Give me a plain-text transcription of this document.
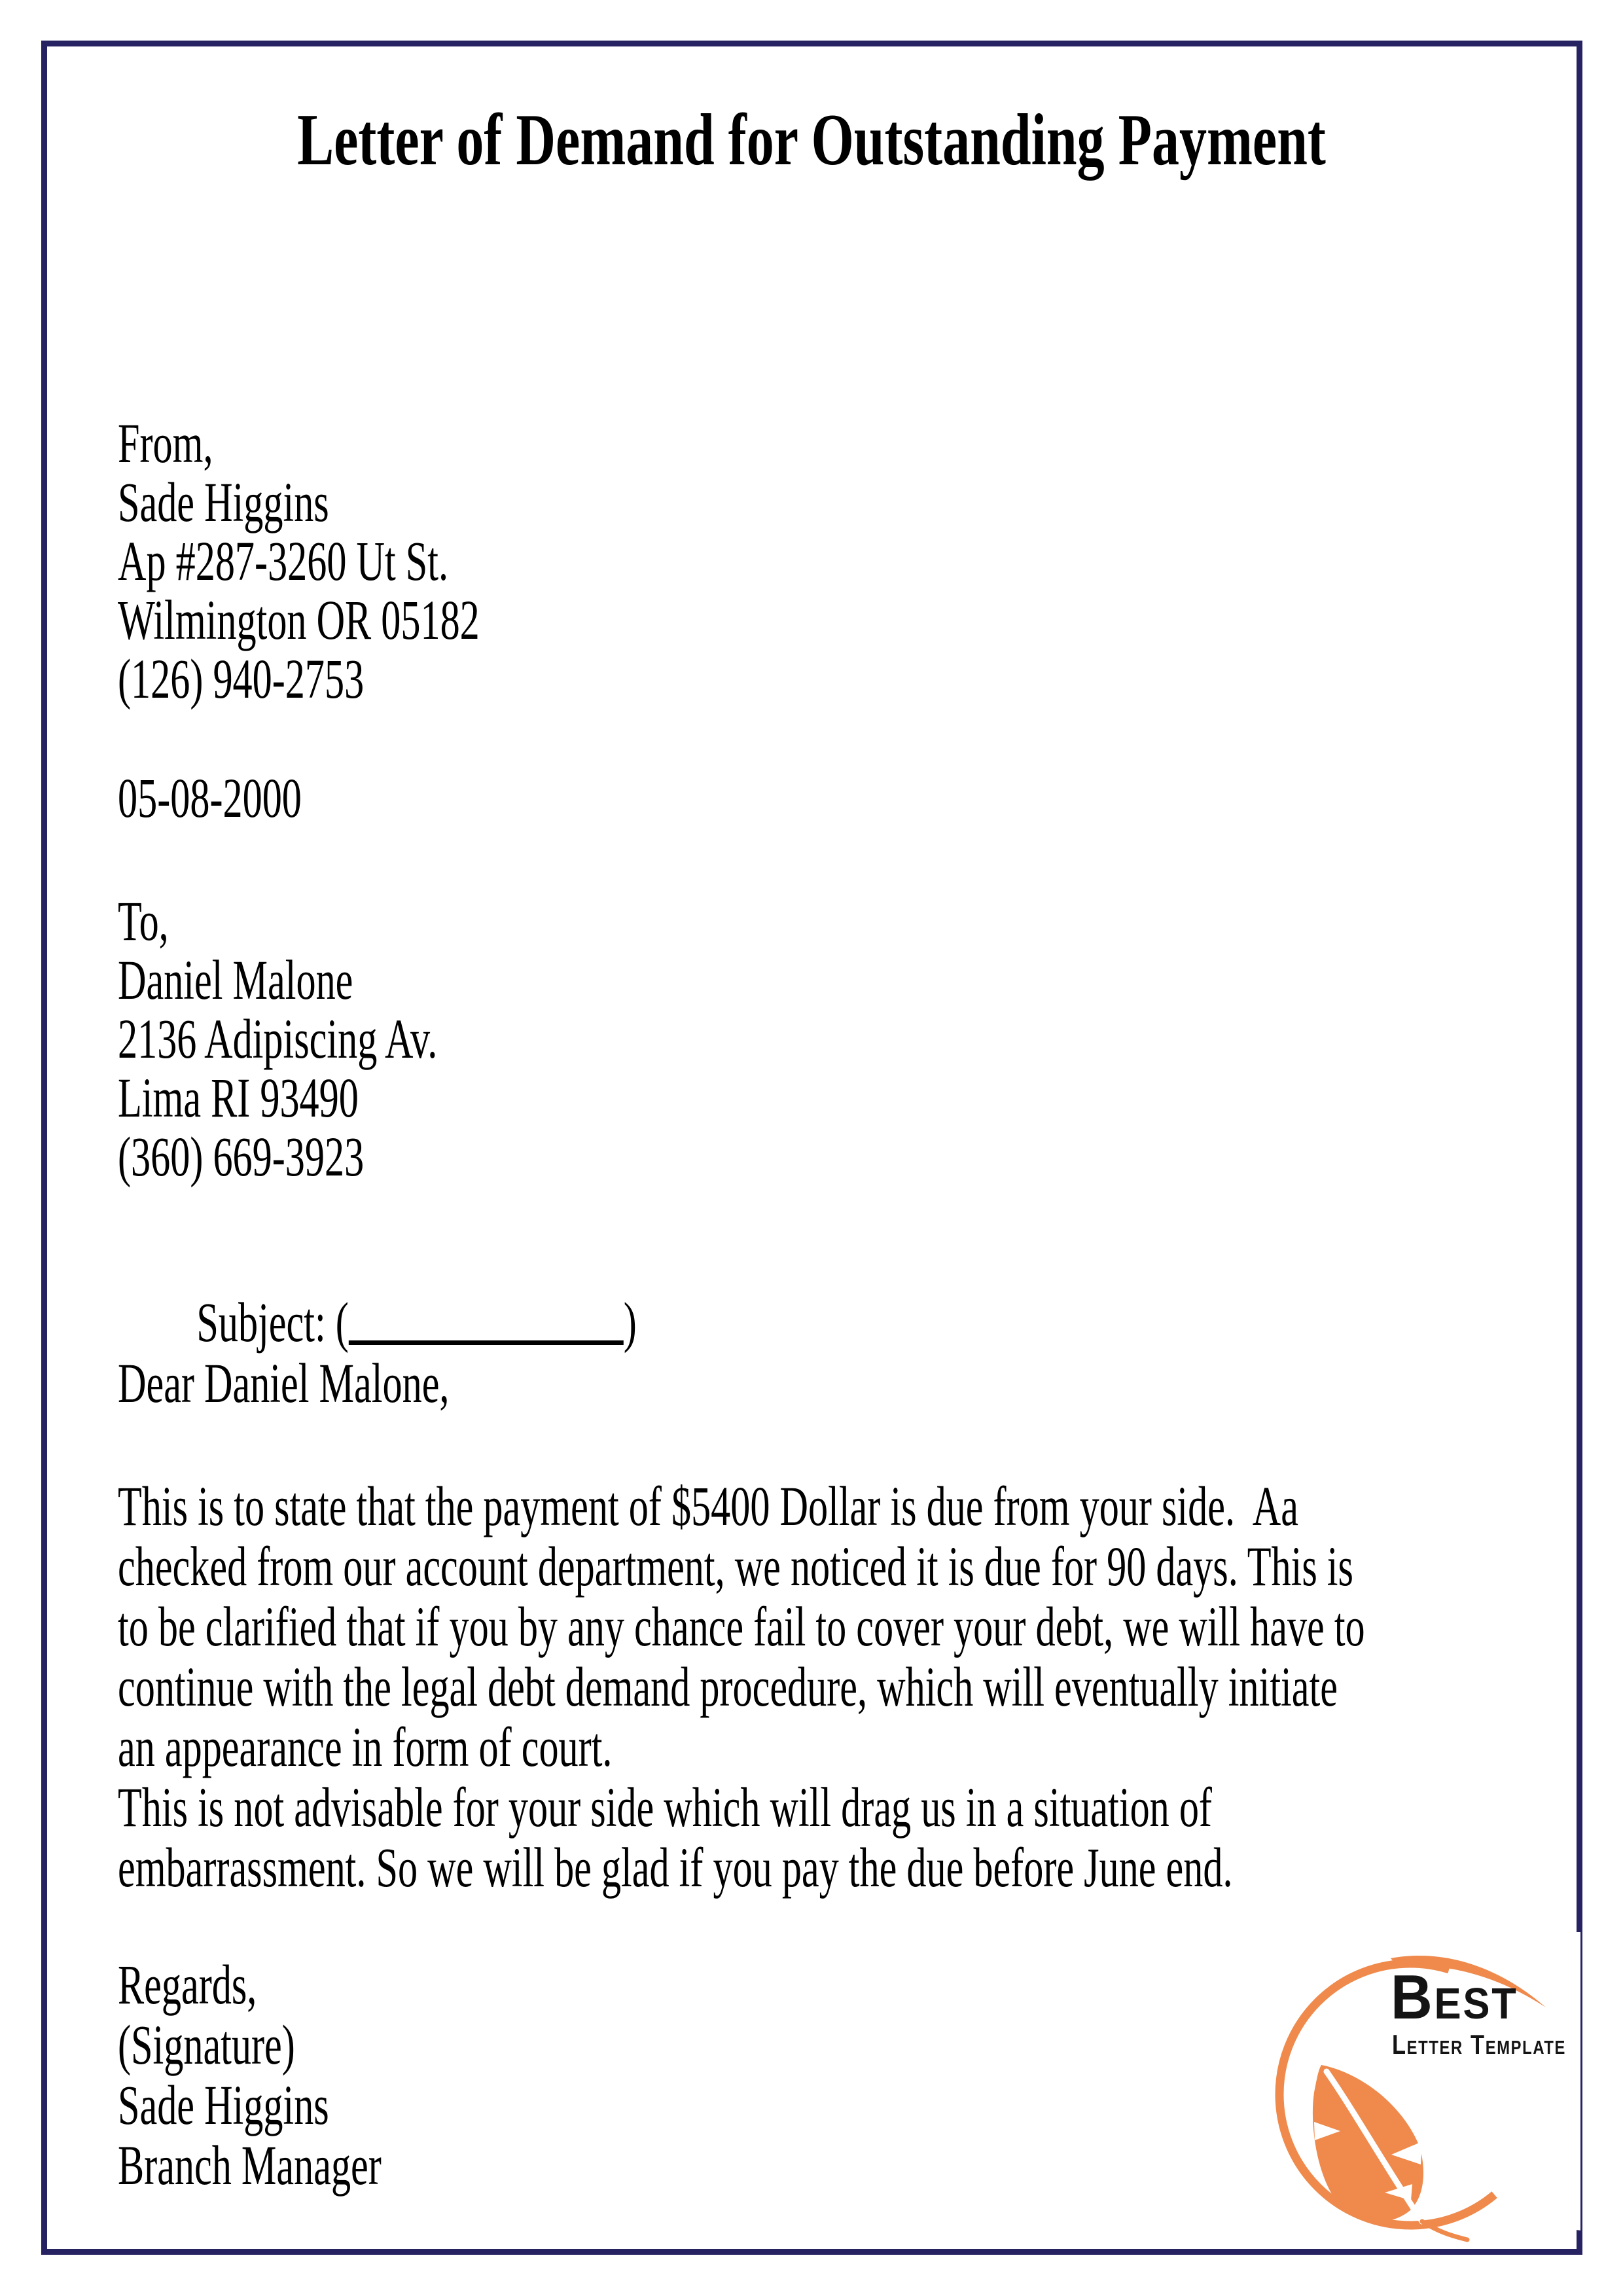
Letter of Demand for Outstanding Payment
From,
Sade Higgins
Ap #287-3260 Ut St.
Wilmington OR 05182
(126) 940-2753
05-08-2000
To,
Daniel Malone
2136 Adipiscing Av.
Lima RI 93490
(360) 669-3923

Subject: (	)

Dear Daniel Malone,
This is to state that the payment of $5400 Dollar is due from your side.  Aa
checked from our account department, we noticed it is due for 90 days. This is
to be clarified that if you by any chance fail to cover your debt, we will have to
continue with the legal debt demand procedure, which will eventually initiate
an appearance in form of court.
This is not advisable for your side which will drag us in a situation of
embarrassment. So we will be glad if you pay the due before June end.
Regards,
(Signature)
Sade Higgins
Branch Manager
Best
Letter Template
